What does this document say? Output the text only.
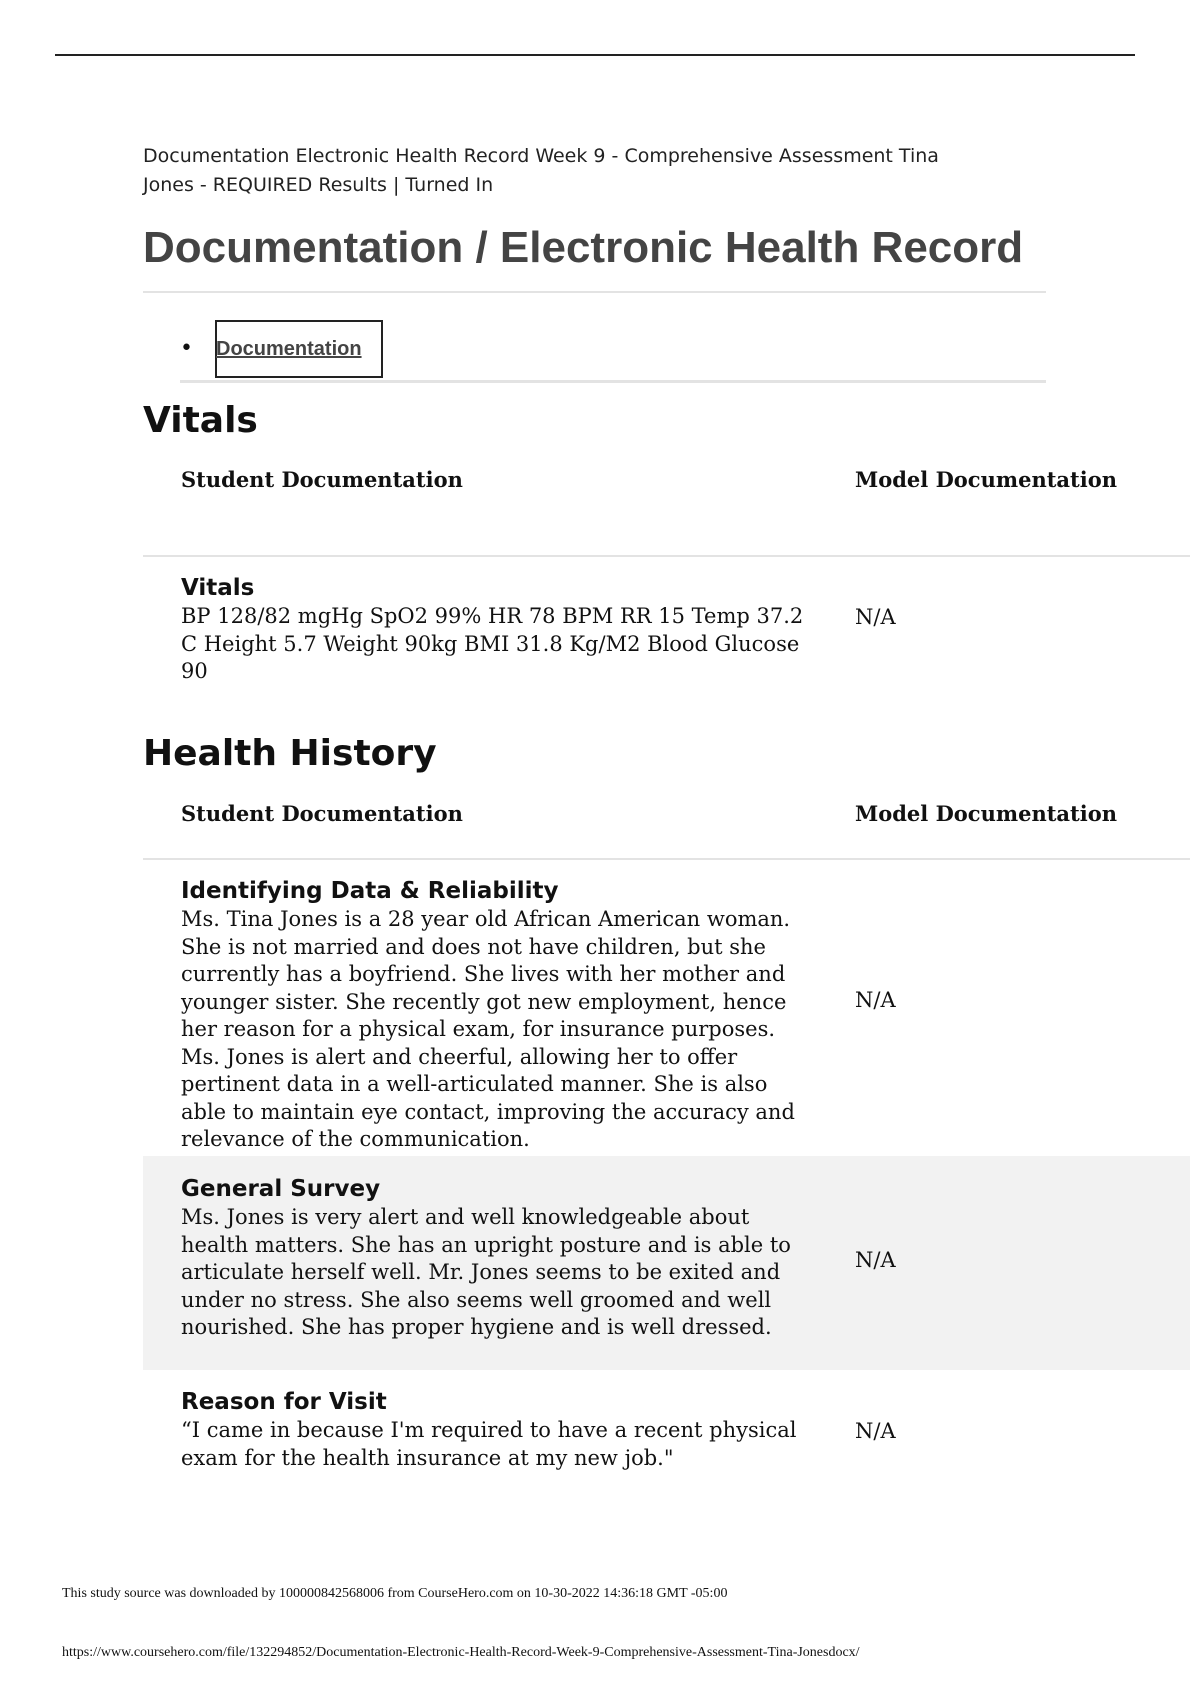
Documentation Electronic Health Record Week 9 - Comprehensive Assessment Tina Jones - REQUIRED Results | Turned In
Documentation / Electronic Health Record
• Documentation
Vitals
Student Documentation	Model Documentation

Vitals

BP 128/82 mgHg SpO2 99% HR 78 BPM RR 15 Temp 37.2 C Height 5.7 Weight 90kg BMI 31.8 Kg/M2 Blood Glucose 90

N/A
Health History
Student Documentation	Model Documentation

Identifying Data & Reliability

Ms. Tina Jones is a 28 year old African American woman. She is not married and does not have children, but she currently has a boyfriend. She lives with her mother and younger sister. She recently got new employment, hence her reason for a physical exam, for insurance purposes. Ms. Jones is alert and cheerful, allowing her to offer pertinent data in a well-articulated manner. She is also able to maintain eye contact, improving the accuracy and relevance of the communication.

N/A

General Survey

Ms. Jones is very alert and well knowledgeable about health matters. She has an upright posture and is able to articulate herself well. Mr. Jones seems to be exited and under no stress. She also seems well groomed and well nourished. She has proper hygiene and is well dressed.

N/A

Reason for Visit

“I came in because I'm required to have a recent physical exam for the health insurance at my new job."

N/A
This study source was downloaded by 100000842568006 from CourseHero.com on 10-30-2022 14:36:18 GMT -05:00
https://www.coursehero.com/file/132294852/Documentation-Electronic-Health-Record-Week-9-Comprehensive-Assessment-Tina-Jonesdocx/
